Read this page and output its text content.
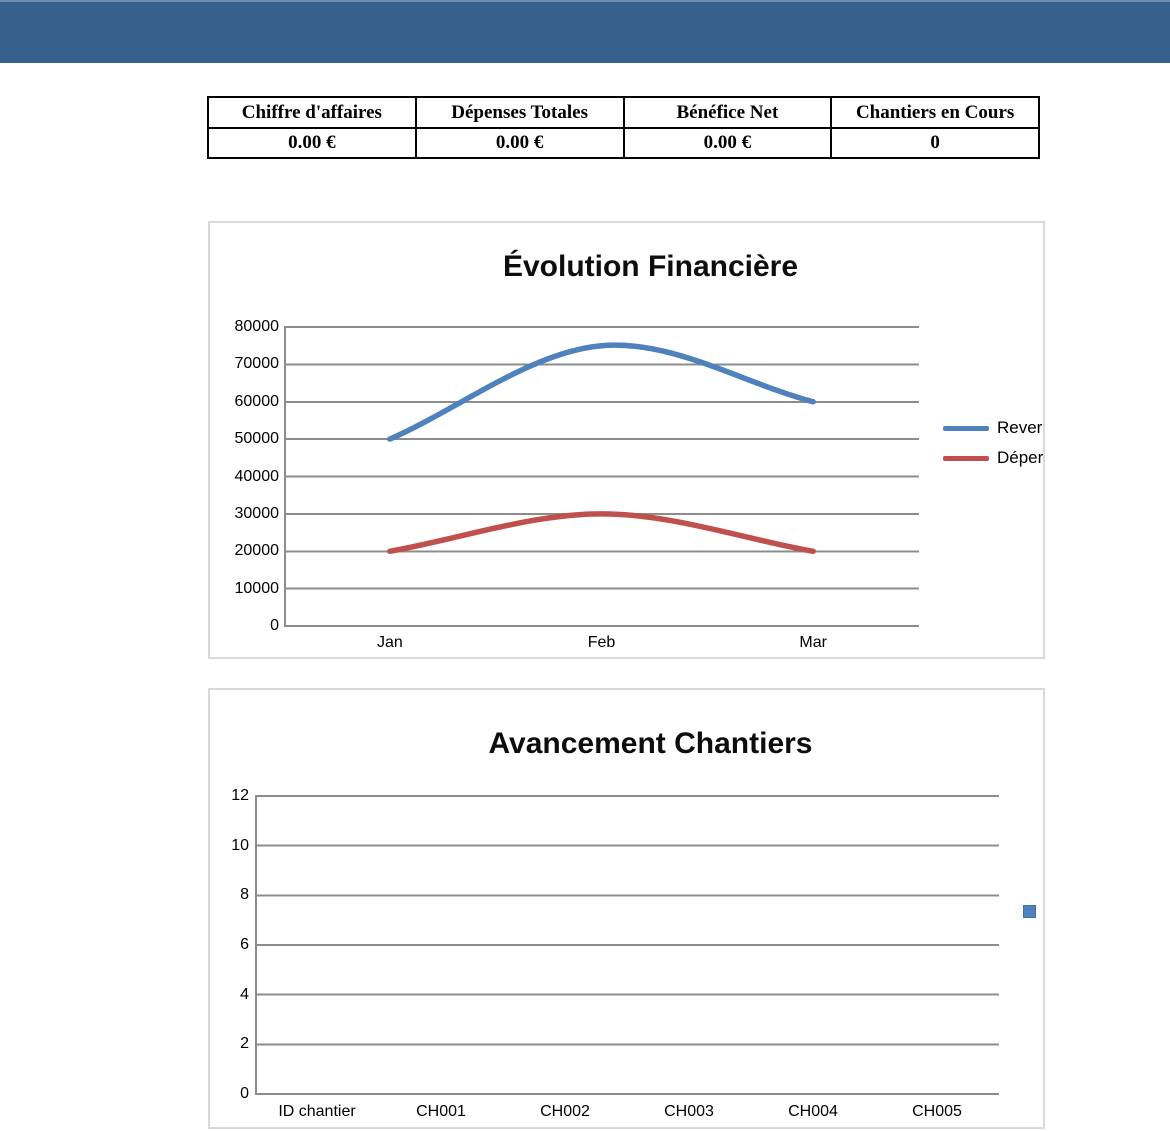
Chiffre d'affaires	Dépenses Totales	Bénéfice Net	Chantiers en Cours
0.00 €	0.00 €	0.00 €	0
Évolution Financière
80000
70000
60000
50000
40000
30000
20000
10000
0
Jan	Feb	Mar
Rever
Déper
Avancement Chantiers
12
10
8
6
4
2
0
ID chantier	CH001	CH002	CH003	CH004	CH005
